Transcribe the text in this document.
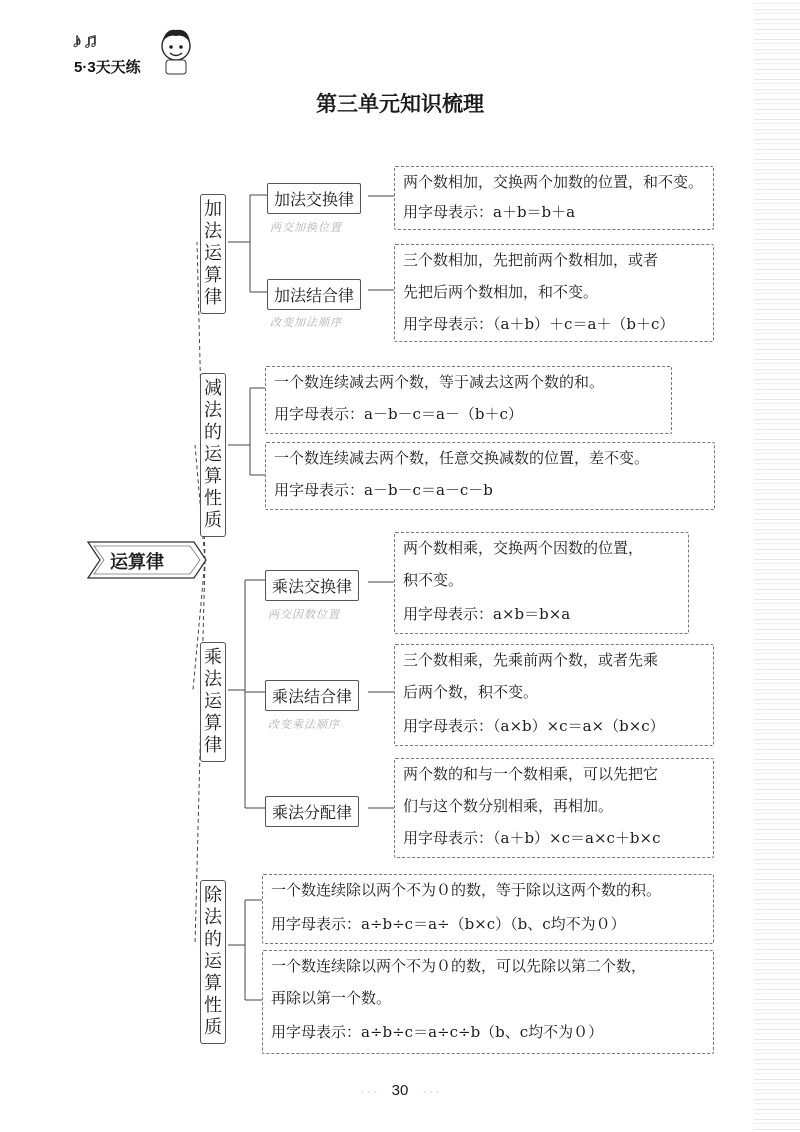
♪♫
5·3天天练
第三单元知识梳理
运算律
加
法
运
算
律
加法交换律
两交加换位置
两个数相加，交换两个加数的位置，和不变。
用字母表示：a＋b＝b＋a
加法结合律
改变加法顺序
三个数相加，先把前两个数相加，或者
先把后两个数相加，和不变。
用字母表示：（a＋b）＋c＝a＋（b＋c）
减
法
的
运
算
性
质
一个数连续减去两个数，等于减去这两个数的和。
用字母表示：a－b－c＝a－（b＋c）
一个数连续减去两个数，任意交换减数的位置，差不变。
用字母表示：a－b－c＝a－c－b
乘
法
运
算
律
乘法交换律
两交因数位置
两个数相乘，交换两个因数的位置，
积不变。
用字母表示：a×b＝b×a
乘法结合律
改变乘法顺序
三个数相乘，先乘前两个数，或者先乘
后两个数，积不变。
用字母表示：（a×b）×c＝a×（b×c）
乘法分配律
两个数的和与一个数相乘，可以先把它
们与这个数分别相乘，再相加。
用字母表示：（a＋b）×c＝a×c＋b×c
除
法
的
运
算
性
质
一个数连续除以两个不为０的数，等于除以这两个数的积。
用字母表示：a÷b÷c＝a÷（b×c）（b、c均不为０）
一个数连续除以两个不为０的数，可以先除以第二个数，
再除以第一个数。
用字母表示：a÷b÷c＝a÷c÷b（b、c均不为０）
· · · 30 · · ·
